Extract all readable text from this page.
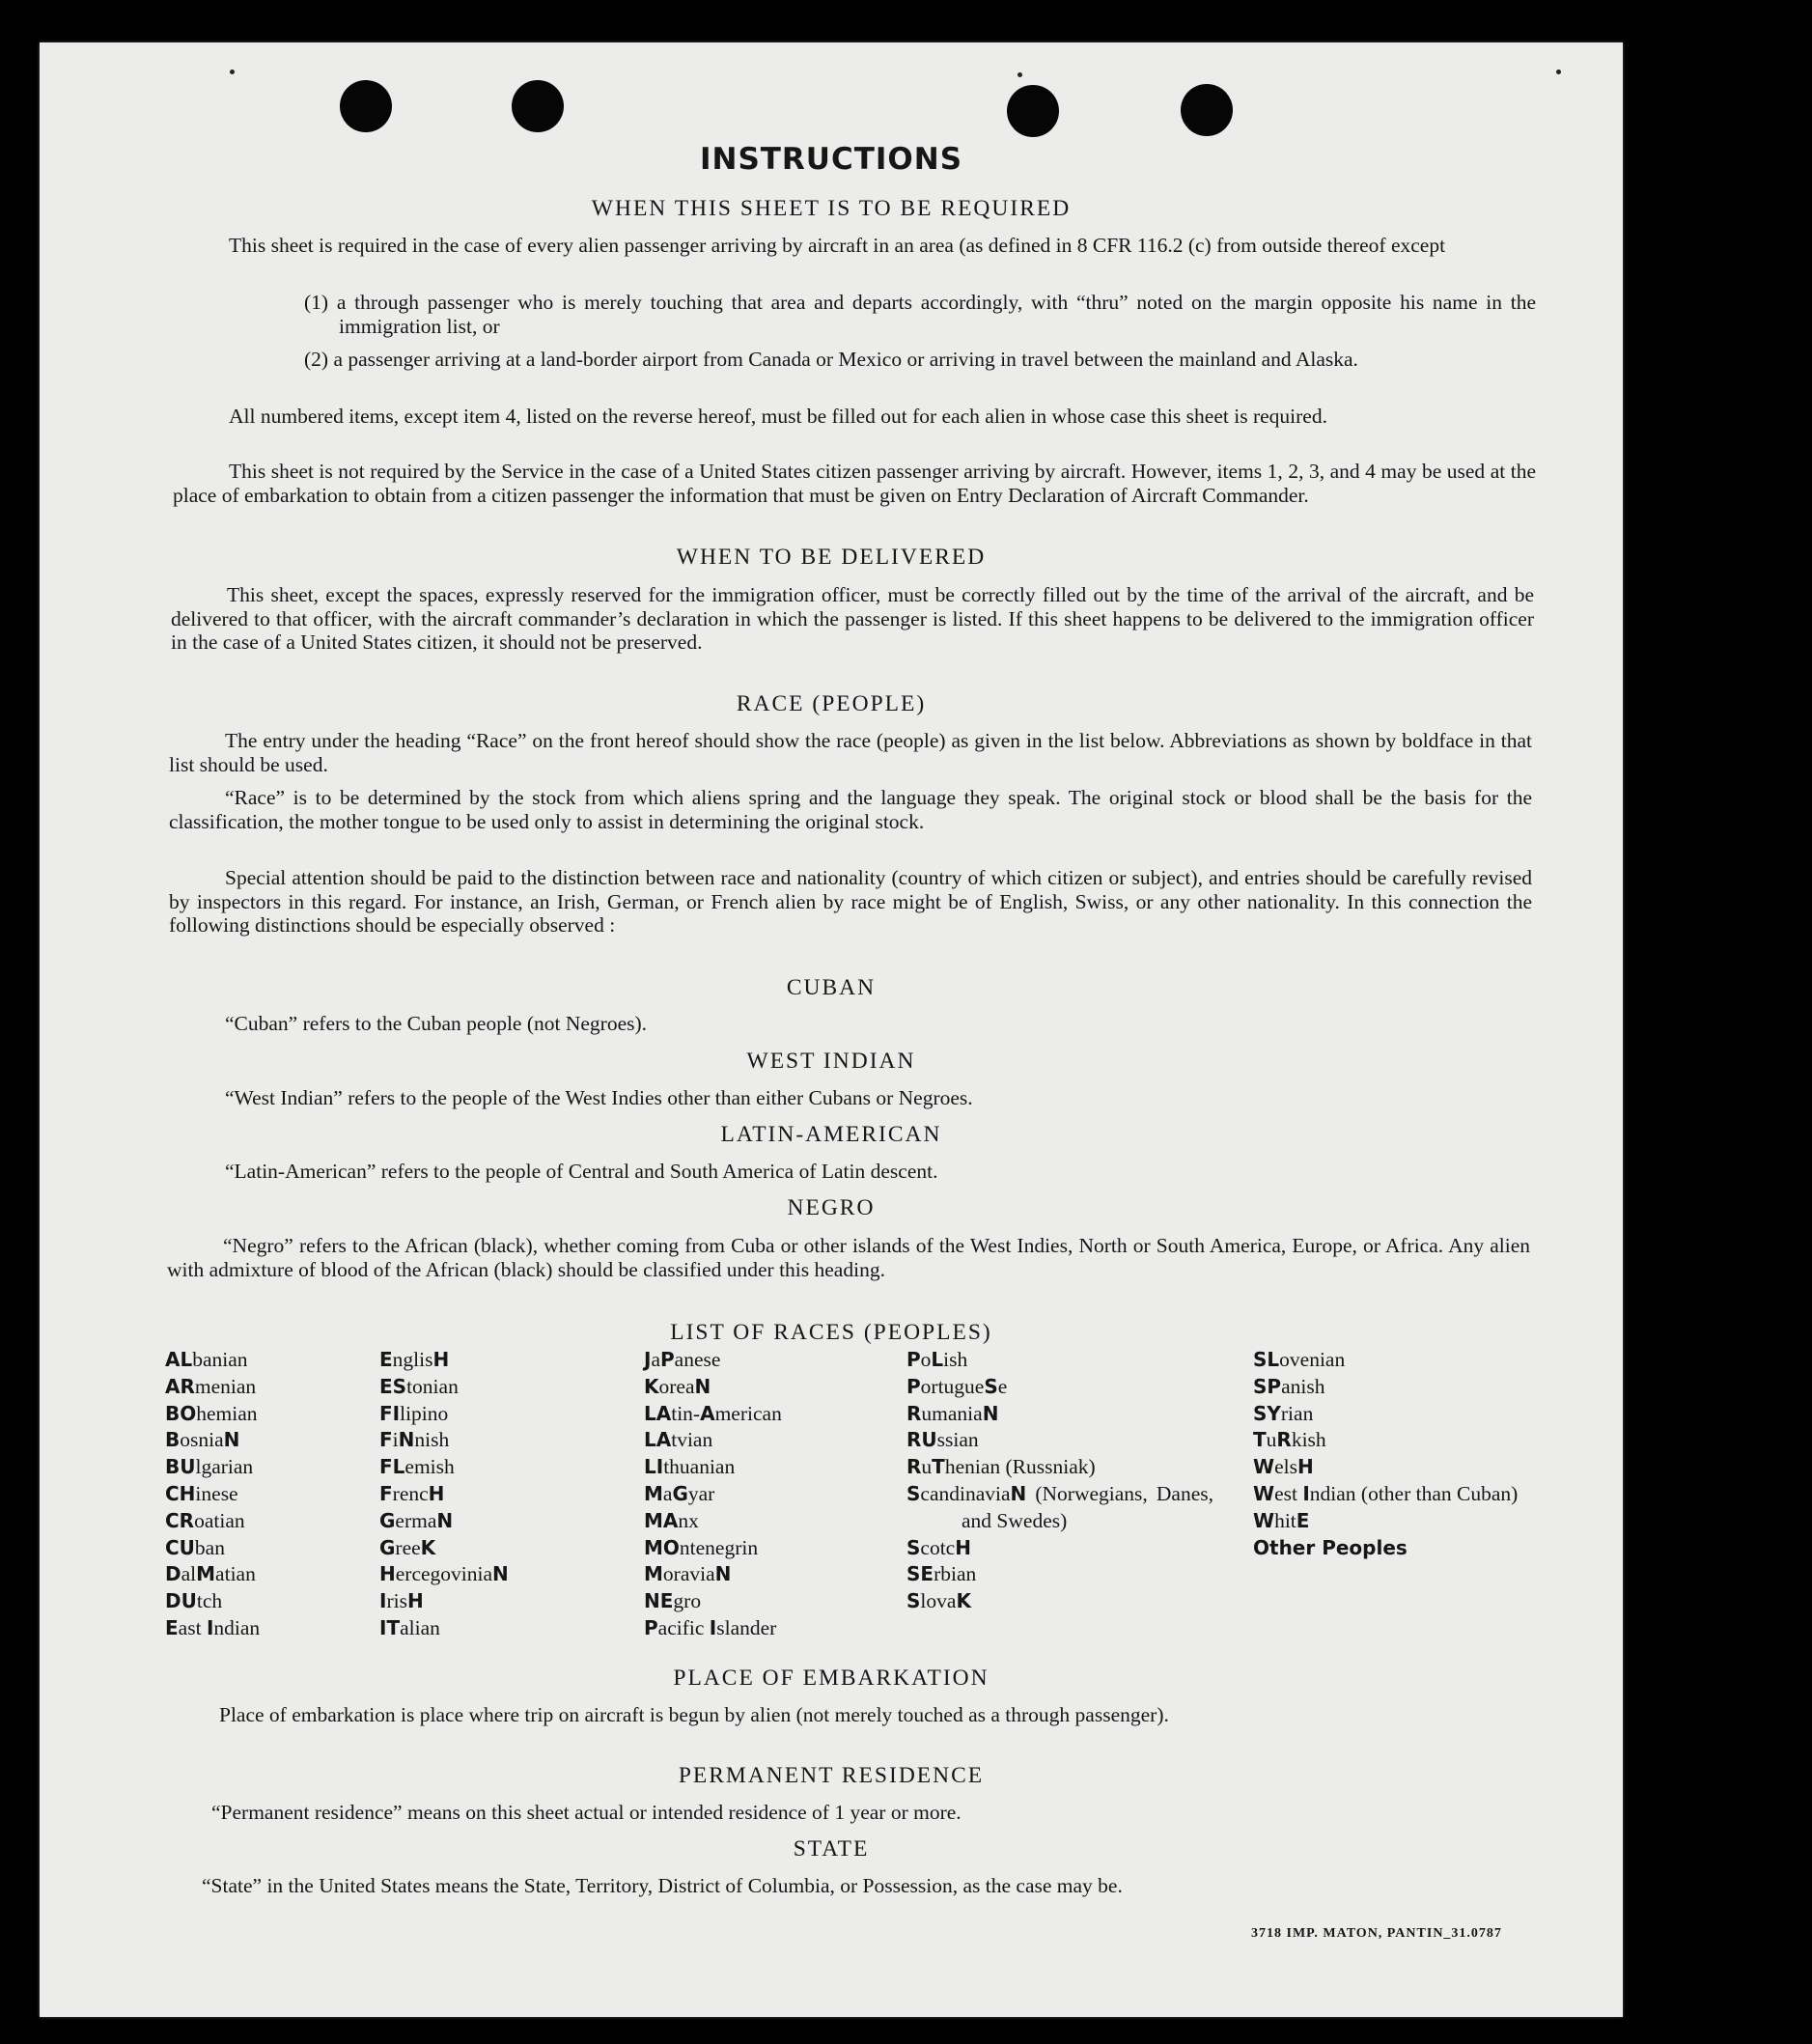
INSTRUCTIONS
WHEN THIS SHEET IS TO BE REQUIRED

This sheet is required in the case of every alien passenger arriving by aircraft in an area (as defined in 8 CFR 116.2 (c) from outside thereof except

(1) a through passenger who is merely touching that area and departs accordingly, with “thru” noted on the margin opposite his name in the immigration list, or

(2) a passenger arriving at a land-border airport from Canada or Mexico or arriving in travel between the mainland and Alaska.

All numbered items, except item 4, listed on the reverse hereof, must be filled out for each alien in whose case this sheet is required.

This sheet is not required by the Service in the case of a United States citizen passenger arriving by aircraft. However, items 1, 2, 3, and 4 may be used at the place of embarkation to obtain from a citizen passenger the information that must be given on Entry Declaration of Aircraft Commander.

WHEN TO BE DELIVERED

This sheet, except the spaces, expressly reserved for the immigration officer, must be correctly filled out by the time of the arrival of the aircraft, and be delivered to that officer, with the aircraft commander’s declaration in which the passenger is listed. If this sheet happens to be delivered to the immigration officer in the case of a United States citizen, it should not be preserved.

RACE (PEOPLE)

The entry under the heading “Race” on the front hereof should show the race (people) as given in the list below. Abbreviations as shown by boldface in that list should be used.

“Race” is to be determined by the stock from which aliens spring and the language they speak. The original stock or blood shall be the basis for the classification, the mother tongue to be used only to assist in determining the original stock.

Special attention should be paid to the distinction between race and nationality (country of which citizen or subject), and entries should be carefully revised by inspectors in this regard. For instance, an Irish, German, or French alien by race might be of English, Swiss, or any other nationality. In this connection the following distinctions should be especially observed :

CUBAN

“Cuban” refers to the Cuban people (not Negroes).

WEST INDIAN

“West Indian” refers to the people of the West Indies other than either Cubans or Negroes.

LATIN-AMERICAN

“Latin-American” refers to the people of Central and South America of Latin descent.

NEGRO

“Negro” refers to the African (black), whether coming from Cuba or other islands of the West Indies, North or South America, Europe, or Africa. Any alien with admixture of blood of the African (black) should be classified under this heading.

LIST OF RACES (PEOPLES)
ALbanian
ARmenian
BOhemian
BosniaN
BUlgarian
CHinese
CRoatian
CUban
DalMatian
DUtch
East Indian
EnglisH
EStonian
FIlipino
FiNnish
FLemish
FrencH
GermaN
GreeK
HercegoviniaN
IrisH
ITalian
JaPanese
KoreaN
LAtin-American
LAtvian
LIthuanian
MaGyar
MAnx
MOntenegrin
MoraviaN
NEgro
Pacific Islander
PoLish
PortugueSe
RumaniaN
RUssian
RuThenian (Russniak)
ScandinaviaN (Norwegians, Danes, and Swedes)
ScotcH
SErbian
SlovaK
SLovenian
SPanish
SYrian
TuRkish
WelsH
West Indian (other than Cuban)
WhitE
Other Peoples
PLACE OF EMBARKATION

Place of embarkation is place where trip on aircraft is begun by alien (not merely touched as a through passenger).

PERMANENT RESIDENCE

“Permanent residence” means on this sheet actual or intended residence of 1 year or more.

STATE

“State” in the United States means the State, Territory, District of Columbia, or Possession, as the case may be.

3718 IMP. MATON, PANTIN_31.0787
